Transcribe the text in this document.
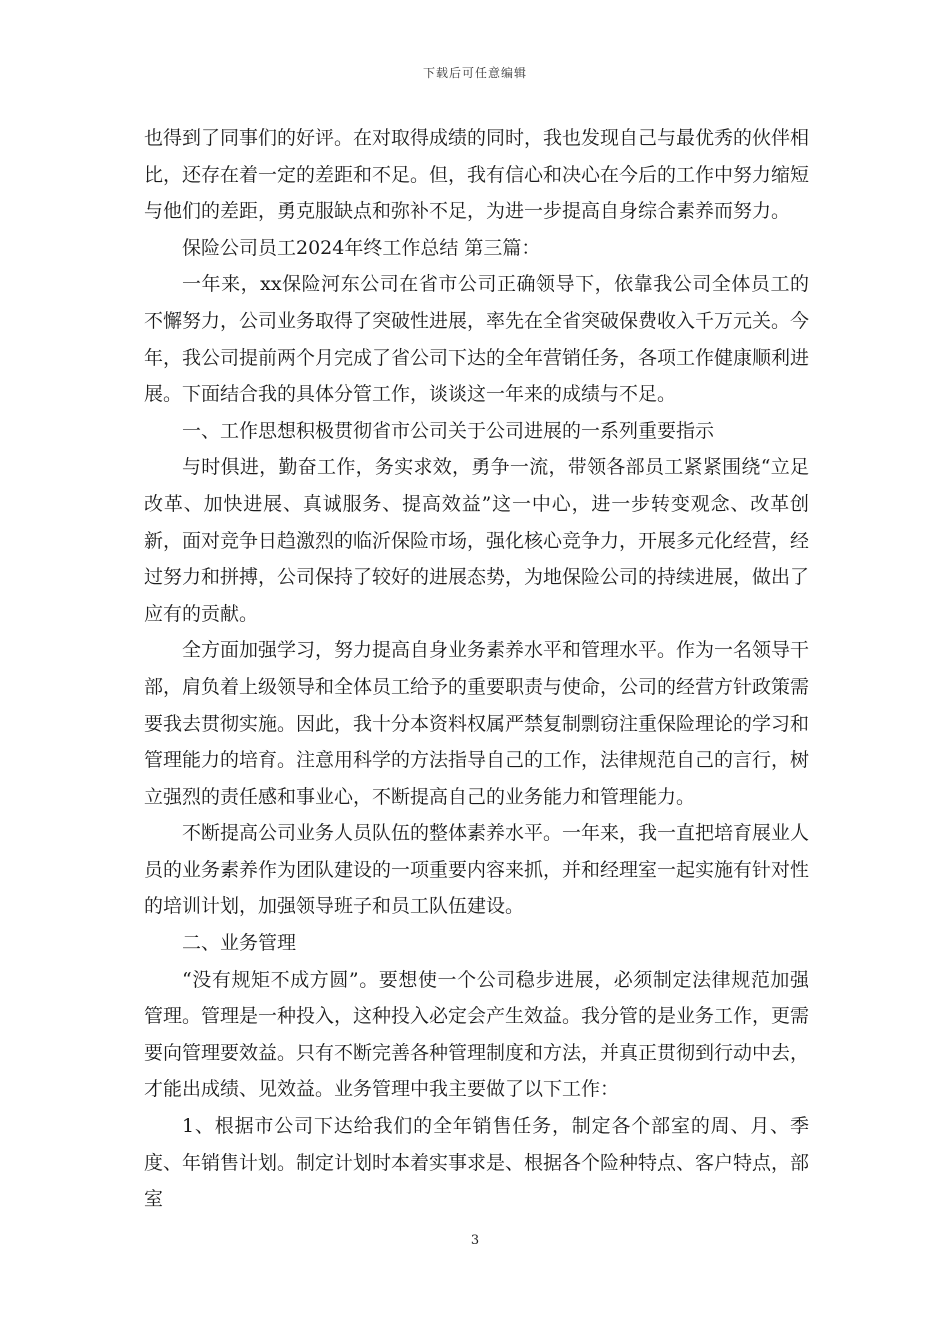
下载后可任意编辑

也得到了同事们的好评。在对取得成绩的同时，我也发现自己与最优秀的伙伴相比，还存在着一定的差距和不足。但，我有信心和决心在今后的工作中努力缩短与他们的差距，勇克服缺点和弥补不足，为进一步提高自身综合素养而努力。

保险公司员工2024年终工作总结 第三篇：

一年来，xx保险河东公司在省市公司正确领导下，依靠我公司全体员工的不懈努力，公司业务取得了突破性进展，率先在全省突破保费收入千万元关。今年，我公司提前两个月完成了省公司下达的全年营销任务，各项工作健康顺利进展。下面结合我的具体分管工作，谈谈这一年来的成绩与不足。

一、工作思想积极贯彻省市公司关于公司进展的一系列重要指示

与时俱进，勤奋工作，务实求效，勇争一流，带领各部员工紧紧围绕“立足改革、加快进展、真诚服务、提高效益”这一中心，进一步转变观念、改革创新，面对竞争日趋激烈的临沂保险市场，强化核心竞争力，开展多元化经营，经过努力和拼搏，公司保持了较好的进展态势，为地保险公司的持续进展，做出了应有的贡献。

全方面加强学习，努力提高自身业务素养水平和管理水平。作为一名领导干部，肩负着上级领导和全体员工给予的重要职责与使命，公司的经营方针政策需要我去贯彻实施。因此，我十分本资料权属严禁复制剽窃注重保险理论的学习和管理能力的培育。注意用科学的方法指导自己的工作，法律规范自己的言行，树立强烈的责任感和事业心，不断提高自己的业务能力和管理能力。

不断提高公司业务人员队伍的整体素养水平。一年来，我一直把培育展业人员的业务素养作为团队建设的一项重要内容来抓，并和经理室一起实施有针对性的培训计划，加强领导班子和员工队伍建设。

二、业务管理

“没有规矩不成方圆”。要想使一个公司稳步进展，必须制定法律规范加强管理。管理是一种投入，这种投入必定会产生效益。我分管的是业务工作，更需要向管理要效益。只有不断完善各种管理制度和方法，并真正贯彻到行动中去，才能出成绩、见效益。业务管理中我主要做了以下工作：

1、根据市公司下达给我们的全年销售任务，制定各个部室的周、月、季度、年销售计划。制定计划时本着实事求是、根据各个险种特点、客户特点，部室

3
